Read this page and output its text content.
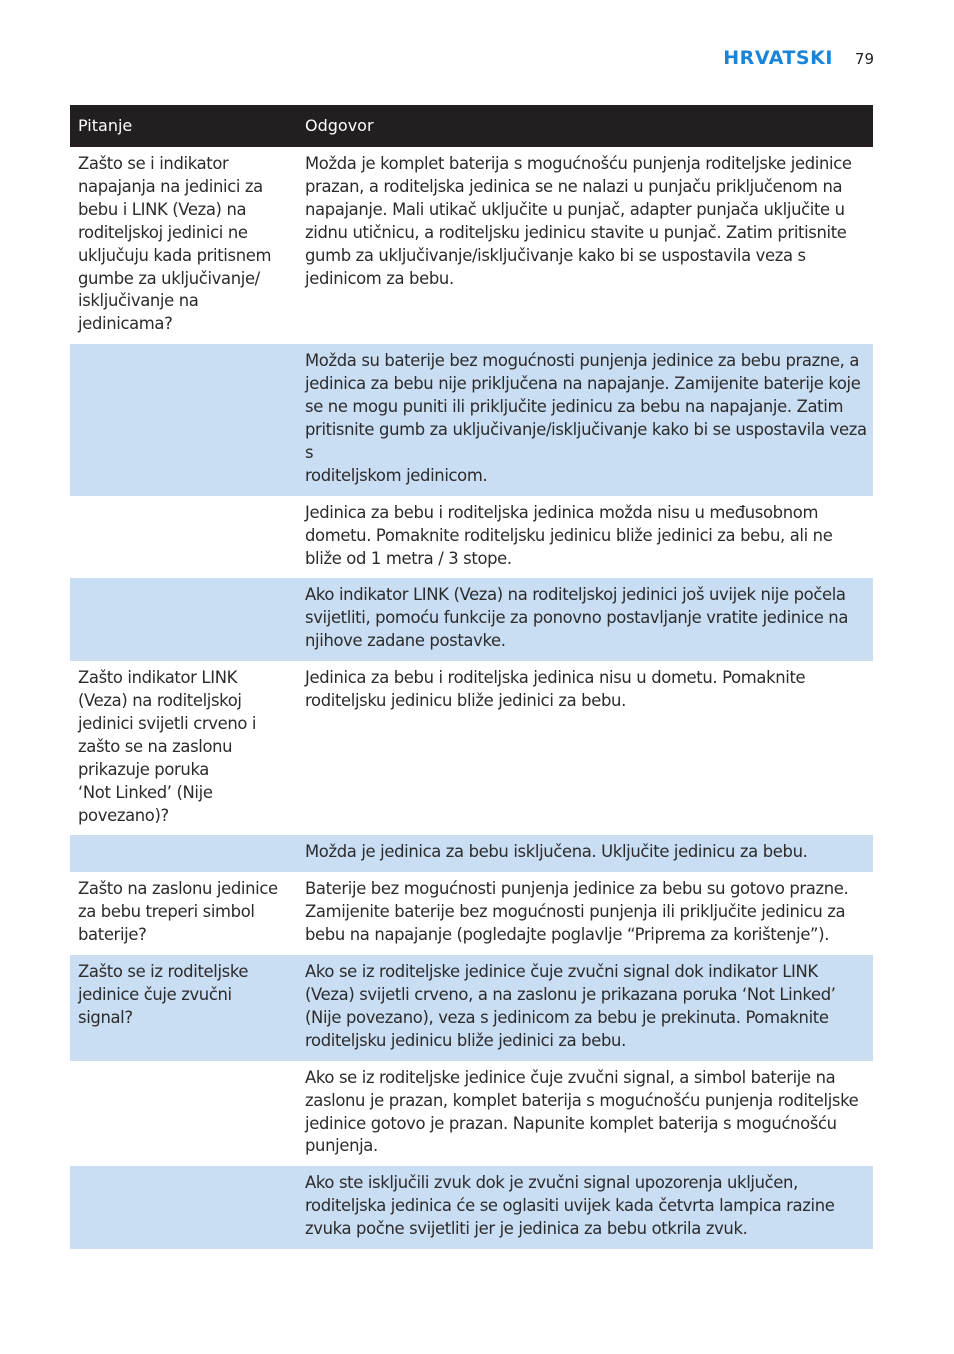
HRVATSKI 79
Pitanje	Odgovor
Zašto se i indikator
napajanja na jedinici za
bebu i LINK (Veza) na
roditeljskoj jedinici ne
uključuju kada pritisnem
gumbe za uključivanje/
isključivanje na
jedinicama?
Možda je komplet baterija s mogućnošću punjenja roditeljske jedinice
prazan, a roditeljska jedinica se ne nalazi u punjaču priključenom na
napajanje. Mali utikač uključite u punjač, adapter punjača uključite u
zidnu utičnicu, a roditeljsku jedinicu stavite u punjač. Zatim pritisnite
gumb za uključivanje/isključivanje kako bi se uspostavila veza s
jedinicom za bebu.
Možda su baterije bez mogućnosti punjenja jedinice za bebu prazne, a
jedinica za bebu nije priključena na napajanje. Zamijenite baterije koje
se ne mogu puniti ili priključite jedinicu za bebu na napajanje. Zatim
pritisnite gumb za uključivanje/isključivanje kako bi se uspostavila veza s
roditeljskom jedinicom.
Jedinica za bebu i roditeljska jedinica možda nisu u međusobnom
dometu. Pomaknite roditeljsku jedinicu bliže jedinici za bebu, ali ne
bliže od 1 metra / 3 stope.
Ako indikator LINK (Veza) na roditeljskoj jedinici još uvijek nije počela
svijetliti, pomoću funkcije za ponovno postavljanje vratite jedinice na
njihove zadane postavke.
Zašto indikator LINK
(Veza) na roditeljskoj
jedinici svijetli crveno i
zašto se na zaslonu
prikazuje poruka
‘Not Linked’ (Nije
povezano)?
Jedinica za bebu i roditeljska jedinica nisu u dometu. Pomaknite
roditeljsku jedinicu bliže jedinici za bebu.
Možda je jedinica za bebu isključena. Uključite jedinicu za bebu.
Zašto na zaslonu jedinice
za bebu treperi simbol
baterije?
Baterije bez mogućnosti punjenja jedinice za bebu su gotovo prazne.
Zamijenite baterije bez mogućnosti punjenja ili priključite jedinicu za
bebu na napajanje (pogledajte poglavlje “Priprema za korištenje”).
Zašto se iz roditeljske
jedinice čuje zvučni
signal?
Ako se iz roditeljske jedinice čuje zvučni signal dok indikator LINK
(Veza) svijetli crveno, a na zaslonu je prikazana poruka ‘Not Linked’
(Nije povezano), veza s jedinicom za bebu je prekinuta. Pomaknite
roditeljsku jedinicu bliže jedinici za bebu.
Ako se iz roditeljske jedinice čuje zvučni signal, a simbol baterije na
zaslonu je prazan, komplet baterija s mogućnošću punjenja roditeljske
jedinice gotovo je prazan. Napunite komplet baterija s mogućnošću
punjenja.
Ako ste isključili zvuk dok je zvučni signal upozorenja uključen,
roditeljska jedinica će se oglasiti uvijek kada četvrta lampica razine
zvuka počne svijetliti jer je jedinica za bebu otkrila zvuk.
